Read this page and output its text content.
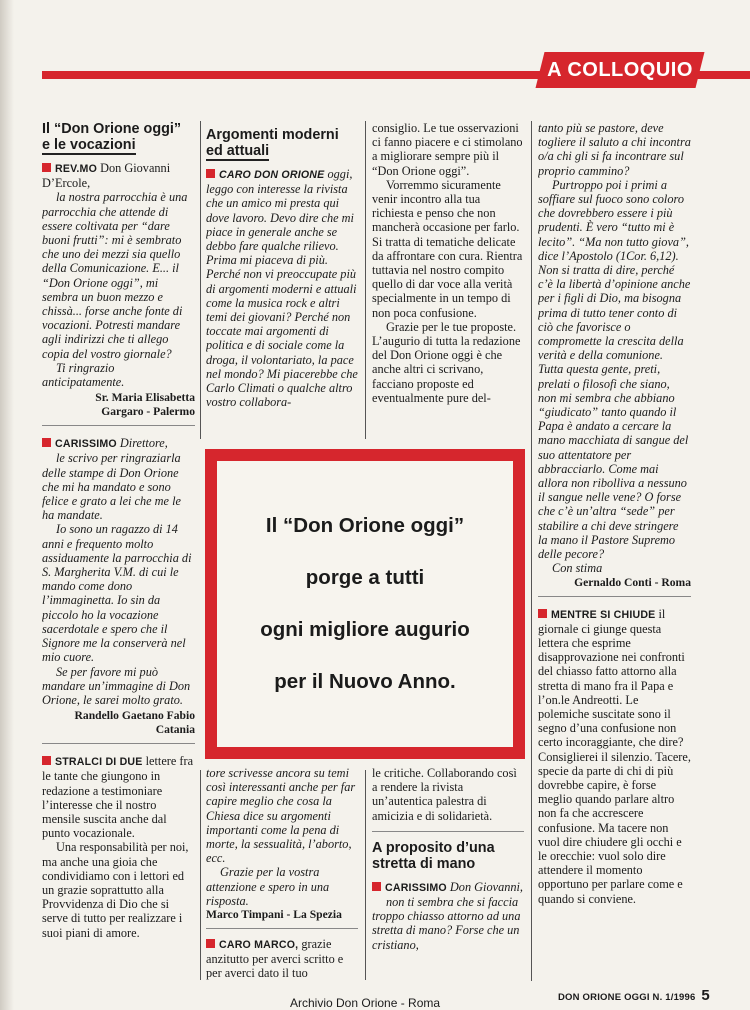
A COLLOQUIO
Il “Don Orione oggi”
e le vocazioni

REV.MO Don Giovanni D’Ercole,

la nostra parrocchia è una parrocchia che attende di essere coltivata per “dare buoni frutti”: mi è sembrato che uno dei mezzi sia quello della Comunicazione. E... il “Don Orione oggi”, mi sembra un buon mezzo e chissà... forse anche fonte di vocazioni. Potresti mandare agli indirizzi che ti allego copia del vostro giornale?

Ti ringrazio anticipatamente.

Sr. Maria Elisabetta

Gargaro - Palermo

CARISSIMO Direttore,

le scrivo per ringraziarla delle stampe di Don Orione che mi ha mandato e sono felice e grato a lei che me le ha mandate.

Io sono un ragazzo di 14 anni e frequento molto assiduamente la parrocchia di S. Margherita V.M. di cui le mando come dono l’immaginetta. Io sin da piccolo ho la vocazione sacerdotale e spero che il Signore me la conserverà nel mio cuore.

Se per favore mi può mandare un’immagine di Don Orione, le sarei molto grato.

Randello Gaetano Fabio

Catania

STRALCI DI DUE lettere fra le tante che giungono in redazione a testimoniare l’interesse che il nostro mensile suscita anche dal punto vocazionale.

Una responsabilità per noi, ma anche una gioia che condividiamo con i lettori ed un grazie soprattutto alla Provvidenza di Dio che si serve di tutto per realizzare i suoi piani di amore.

Argomenti moderni
ed attuali

CARO DON ORIONE oggi, leggo con interesse la rivista che un amico mi presta qui dove lavoro. Devo dire che mi piace in generale anche se debbo fare qualche rilievo. Prima mi piaceva di più. Perché non vi preoccupate più di argomenti moderni e attuali come la musica rock e altri temi dei giovani? Perché non toccate mai argomenti di politica e di sociale come la droga, il volontariato, la pace nel mondo? Mi piacerebbe che Carlo Climati o qualche altro vostro collabora-

consiglio. Le tue osservazioni ci fanno piacere e ci stimolano a migliorare sempre più il “Don Orione oggi”.

Vorremmo sicuramente venir incontro alla tua richiesta e penso che non mancherà occasione per farlo. Si tratta di tematiche delicate da affrontare con cura. Rientra tuttavia nel nostro compito quello di dar voce alla verità specialmente in un tempo di non poca confusione.

Grazie per le tue proposte. L’augurio di tutta la redazione del Don Orione oggi è che anche altri ci scrivano, facciano proposte ed eventualmente pure del-

tanto più se pastore, deve togliere il saluto a chi incontra o/a chi gli si fa incontrare sul proprio cammino?

Purtroppo poi i primi a soffiare sul fuoco sono coloro che dovrebbero essere i più prudenti. È vero “tutto mi è lecito”. “Ma non tutto giova”, dice l’Apostolo (1Cor. 6,12). Non si tratta di dire, perché c’è la libertà d’opinione anche per i figli di Dio, ma bisogna prima di tutto tener conto di ciò che favorisce o compromette la crescita della verità e della comunione. Tutta questa gente, preti, prelati o filosofi che siano, non mi sembra che abbiano “giudicato” tanto quando il Papa è andato a cercare la mano macchiata di sangue del suo attentatore per abbracciarlo. Come mai allora non ribolliva a nessuno il sangue nelle vene? O forse che c’è un’altra “sede” per stabilire a chi deve stringere la mano il Pastore Supremo delle pecore?

Con stima

Gernaldo Conti - Roma

MENTRE SI CHIUDE il giornale ci giunge questa lettera che esprime disapprovazione nei confronti del chiasso fatto attorno alla stretta di mano fra il Papa e l’on.le Andreotti. Le polemiche suscitate sono il segno d’una confusione non certo incoraggiante, che dire? Consiglierei il silenzio. Tacere, specie da parte di chi di più dovrebbe capire, è forse meglio quando parlare altro non fa che accrescere confusione. Ma tacere non vuol dire chiudere gli occhi e le orecchie: vuol solo dire attendere il momento opportuno per parlare come e quando si conviene.

Il “Don Orione oggi”

porge a tutti

ogni migliore augurio

per il Nuovo Anno.

tore scrivesse ancora su temi così interessanti anche per far capire meglio che cosa la Chiesa dice su argomenti importanti come la pena di morte, la sessualità, l’aborto, ecc.

Grazie per la vostra attenzione e spero in una risposta.

Marco Timpani - La Spezia

CARO MARCO, grazie anzitutto per averci scritto e per averci dato il tuo

le critiche. Collaborando così a rendere la rivista un’autentica palestra di amicizia e di solidarietà.

A proposito d’una
stretta di mano

CARISSIMO Don Giovanni,

non ti sembra che si faccia troppo chiasso attorno ad una stretta di mano? Forse che un cristiano,

DON ORIONE OGGI N. 1/1996 5
Archivio Don Orione - Roma
